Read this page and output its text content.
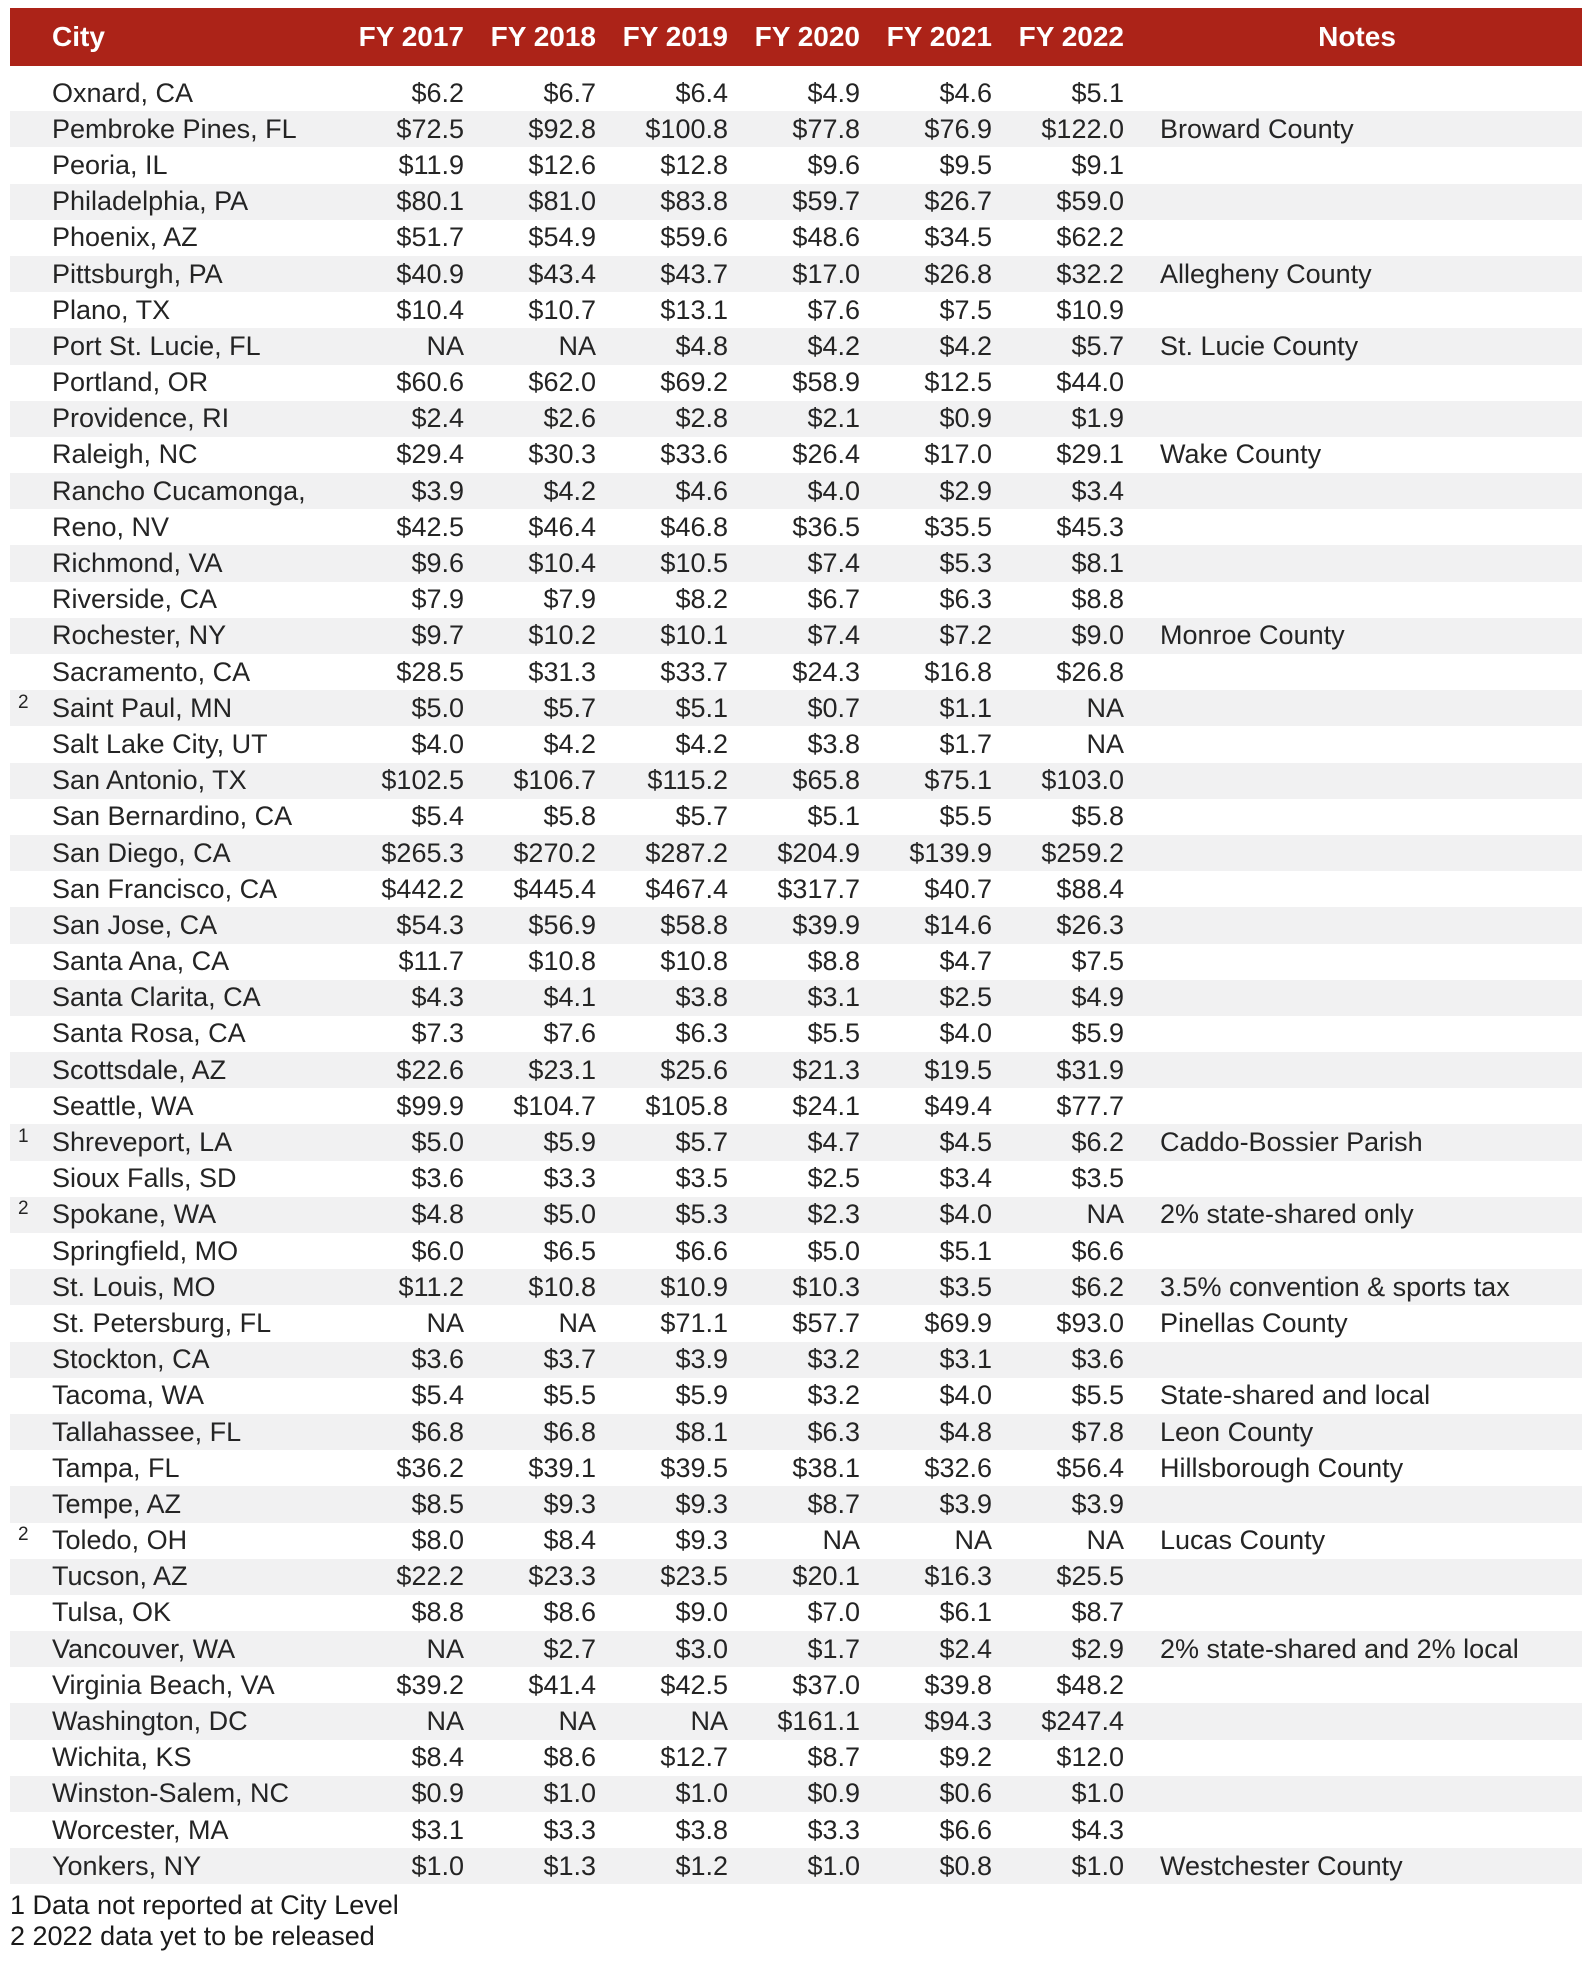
City	FY 2017 FY 2018 FY 2019 FY 2020 FY 2021 FY 2022	Notes
Oxnard, CA	$6.2	$6.7	$6.4	$4.9	$4.6	$5.1
Pembroke Pines, FL	$72.5	$92.8	$100.8	$77.8	$76.9	$122.0	Broward County
Peoria, IL	$11.9	$12.6	$12.8	$9.6	$9.5	$9.1
Philadelphia, PA	$80.1	$81.0	$83.8	$59.7	$26.7	$59.0
Phoenix, AZ	$51.7	$54.9	$59.6	$48.6	$34.5	$62.2
Pittsburgh, PA	$40.9	$43.4	$43.7	$17.0	$26.8	$32.2	Allegheny County
Plano, TX	$10.4	$10.7	$13.1	$7.6	$7.5	$10.9
Port St. Lucie, FL	NA	NA	$4.8	$4.2	$4.2	$5.7	St. Lucie County
Portland, OR	$60.6	$62.0	$69.2	$58.9	$12.5	$44.0
Providence, RI	$2.4	$2.6	$2.8	$2.1	$0.9	$1.9
Raleigh, NC	$29.4	$30.3	$33.6	$26.4	$17.0	$29.1	Wake County
Rancho Cucamonga,	$3.9	$4.2	$4.6	$4.0	$2.9	$3.4
Reno, NV	$42.5	$46.4	$46.8	$36.5	$35.5	$45.3
Richmond, VA	$9.6	$10.4	$10.5	$7.4	$5.3	$8.1
Riverside, CA	$7.9	$7.9	$8.2	$6.7	$6.3	$8.8
Rochester, NY	$9.7	$10.2	$10.1	$7.4	$7.2	$9.0	Monroe County
Sacramento, CA	$28.5	$31.3	$33.7	$24.3	$16.8	$26.8
2 Saint Paul, MN	$5.0	$5.7	$5.1	$0.7	$1.1	NA
Salt Lake City, UT	$4.0	$4.2	$4.2	$3.8	$1.7	NA
San Antonio, TX	$102.5	$106.7	$115.2	$65.8	$75.1	$103.0
San Bernardino, CA	$5.4	$5.8	$5.7	$5.1	$5.5	$5.8
San Diego, CA	$265.3	$270.2	$287.2	$204.9	$139.9	$259.2
San Francisco, CA	$442.2	$445.4	$467.4	$317.7	$40.7	$88.4
San Jose, CA	$54.3	$56.9	$58.8	$39.9	$14.6	$26.3
Santa Ana, CA	$11.7	$10.8	$10.8	$8.8	$4.7	$7.5
Santa Clarita, CA	$4.3	$4.1	$3.8	$3.1	$2.5	$4.9
Santa Rosa, CA	$7.3	$7.6	$6.3	$5.5	$4.0	$5.9
Scottsdale, AZ	$22.6	$23.1	$25.6	$21.3	$19.5	$31.9
Seattle, WA	$99.9	$104.7	$105.8	$24.1	$49.4	$77.7
1 Shreveport, LA	$5.0	$5.9	$5.7	$4.7	$4.5	$6.2	Caddo-Bossier Parish
Sioux Falls, SD	$3.6	$3.3	$3.5	$2.5	$3.4	$3.5
2 Spokane, WA	$4.8	$5.0	$5.3	$2.3	$4.0	NA	2% state-shared only
Springfield, MO	$6.0	$6.5	$6.6	$5.0	$5.1	$6.6
St. Louis, MO	$11.2	$10.8	$10.9	$10.3	$3.5	$6.2	3.5% convention & sports tax
St. Petersburg, FL	NA	NA	$71.1	$57.7	$69.9	$93.0	Pinellas County
Stockton, CA	$3.6	$3.7	$3.9	$3.2	$3.1	$3.6
Tacoma, WA	$5.4	$5.5	$5.9	$3.2	$4.0	$5.5	State-shared and local
Tallahassee, FL	$6.8	$6.8	$8.1	$6.3	$4.8	$7.8	Leon County
Tampa, FL	$36.2	$39.1	$39.5	$38.1	$32.6	$56.4	Hillsborough County
Tempe, AZ	$8.5	$9.3	$9.3	$8.7	$3.9	$3.9
2 Toledo, OH	$8.0	$8.4	$9.3	NA	NA	NA	Lucas County
Tucson, AZ	$22.2	$23.3	$23.5	$20.1	$16.3	$25.5
Tulsa, OK	$8.8	$8.6	$9.0	$7.0	$6.1	$8.7
Vancouver, WA	NA	$2.7	$3.0	$1.7	$2.4	$2.9	2% state-shared and 2% local
Virginia Beach, VA	$39.2	$41.4	$42.5	$37.0	$39.8	$48.2
Washington, DC	NA	NA	NA	$161.1	$94.3	$247.4
Wichita, KS	$8.4	$8.6	$12.7	$8.7	$9.2	$12.0
Winston-Salem, NC	$0.9	$1.0	$1.0	$0.9	$0.6	$1.0
Worcester, MA	$3.1	$3.3	$3.8	$3.3	$6.6	$4.3
Yonkers, NY	$1.0	$1.3	$1.2	$1.0	$0.8	$1.0	Westchester County
1 Data not reported at City Level
2 2022 data yet to be released
